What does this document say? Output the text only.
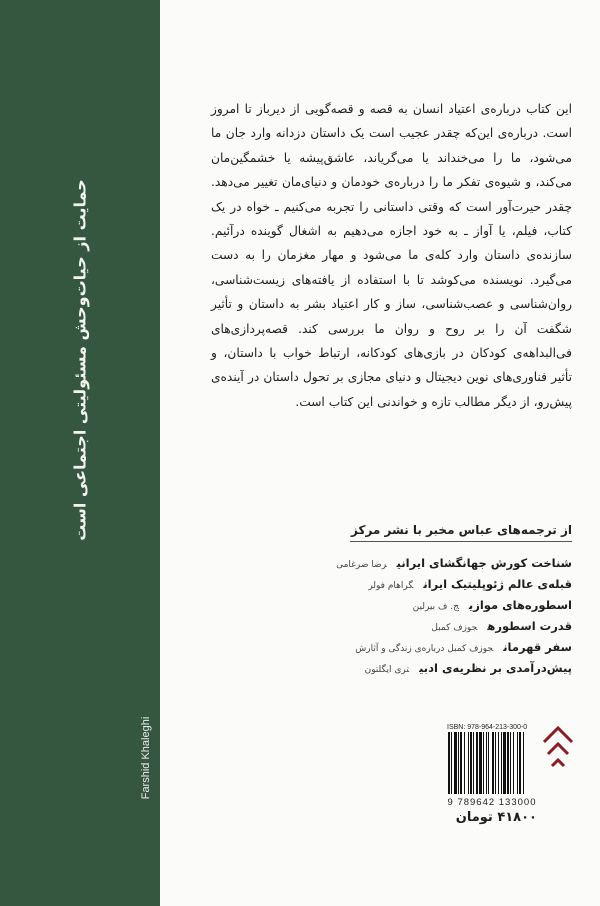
حمایت از حیات‌وحش مسئولیتی اجتماعی است
Farshid Khaleghi
این کتاب درباره‌ی اعتیاد انسان به قصه و قصه‌گویی از دیرباز تا امروز است. درباره‌ی این‌که چقدر عجیب است یک داستان دزدانه وارد جان ما می‌شود، ما را می‌خنداند یا می‌گریاند، عاشق‌پیشه یا خشمگین‌مان می‌کند، و شیوه‌ی تفکر ما را درباره‌ی خودمان و دنیای‌مان تغییر می‌دهد. چقدر حیرت‌آور است که وقتی داستانی را تجربه می‌کنیم ـ خواه در یک کتاب، فیلم، یا آواز ـ به خود اجازه می‌دهیم به اشغال گوینده درآئیم. سازنده‌ی داستان وارد کله‌ی ما می‌شود و مهار مغزمان را به دست می‌گیرد. نویسنده می‌کوشد تا با استفاده از یافته‌های زیست‌شناسی، روان‌شناسی و عصب‌شناسی، ساز و کار اعتیاد بشر به داستان و تأثیر شگفت آن را بر روح و روان ما بررسی کند. قصه‌پردازی‌های فی‌البداهه‌ی کودکان در بازی‌های کودکانه، ارتباط خواب با داستان، و تأثیر فناوری‌های نوین دیجیتال و دنیای مجازی بر تحول داستان در آینده‌ی پیش‌رو، از دیگر مطالب تازه و خواندنی این کتاب است.
از ترجمه‌های عباس مخبر با نشر مرکز
شناخت کورش جهانگشای ایرانیرضا ضرغامی
قبله‌ی عالم ژئوپلیتیک ایرانگراهام فولر
اسطوره‌های موازیج. ف بیرلین
قدرت اسطورهجوزف کمبل
سفر قهرمانجوزف کمبل درباره‌ی زندگی و آثارش
پیش‌درآمدی بر نظریه‌ی ادبیتری ایگلتون
ISBN: 978-964-213-300-0
9 789642 133000
۴۱۸۰۰ تومان
